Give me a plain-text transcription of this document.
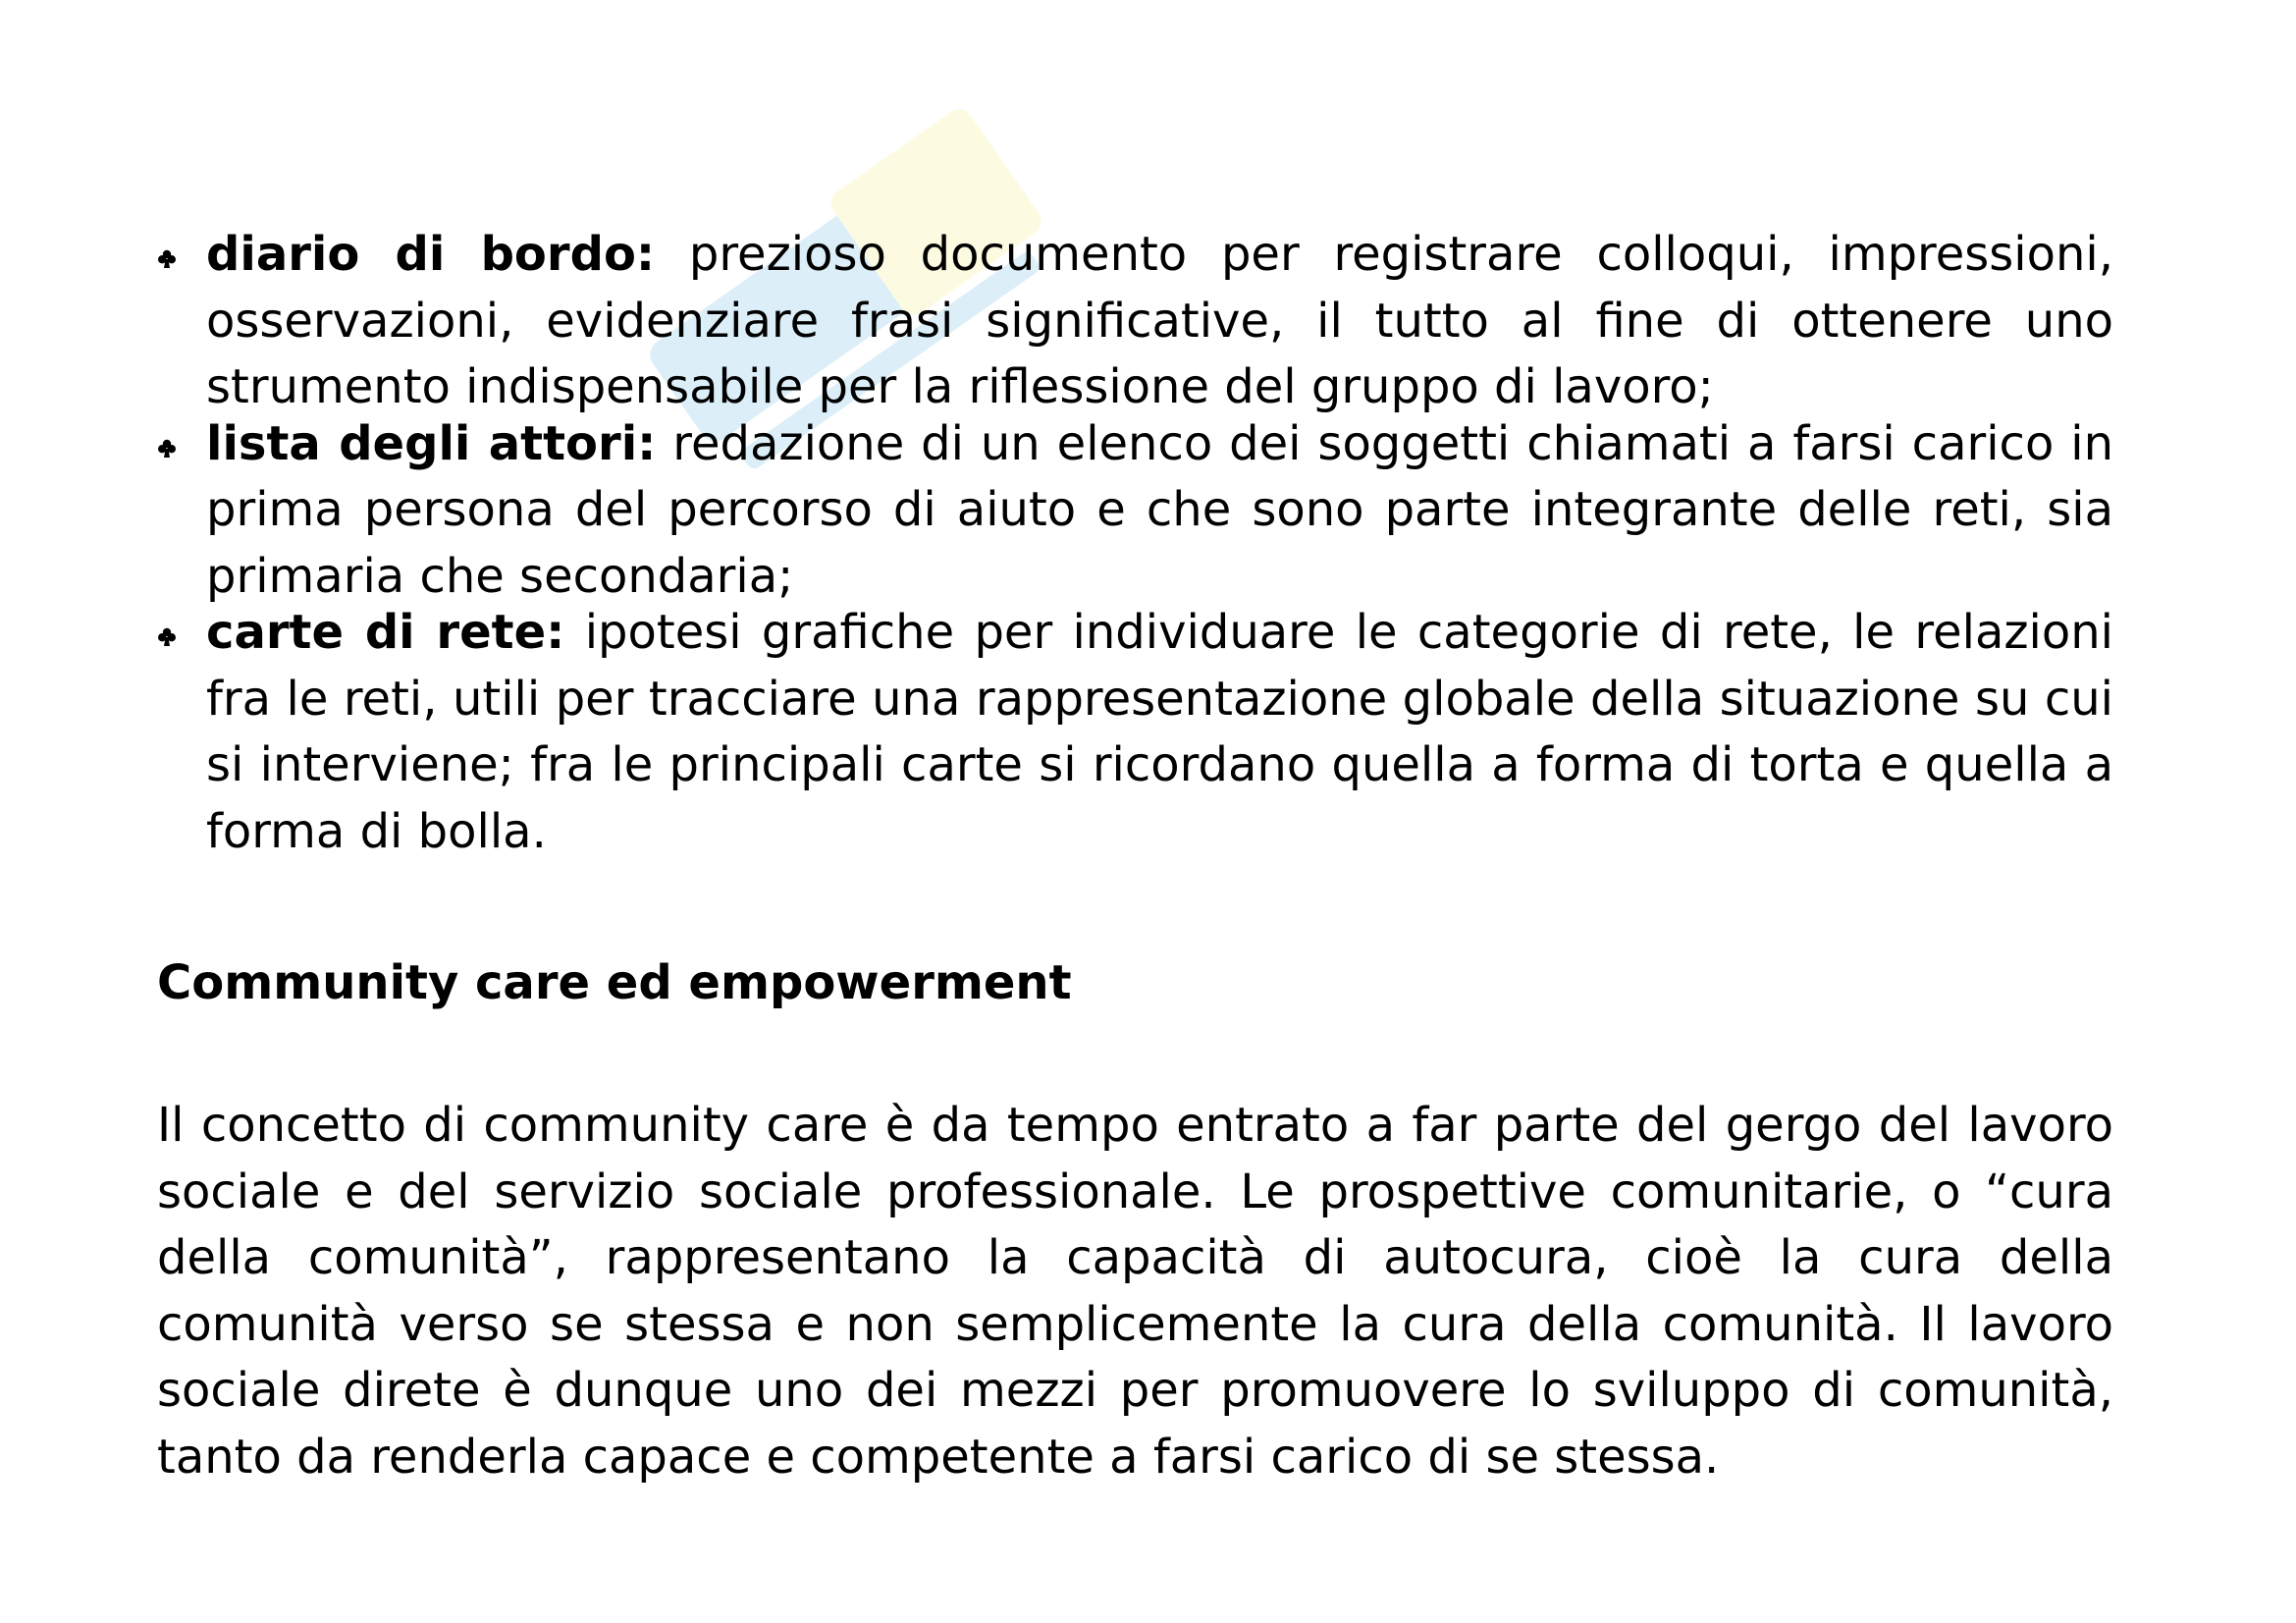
diario di bordo: prezioso documento per registrare colloqui, impressioni, osservazioni, evidenziare frasi significative, il tutto al fine di ottenere uno strumento indispensabile per la riflessione del gruppo di lavoro;
lista degli attori: redazione di un elenco dei soggetti chiamati a farsi carico in prima persona del percorso di aiuto e che sono parte integrante delle reti, sia primaria che secondaria;
carte di rete: ipotesi grafiche per individuare le categorie di rete, le relazioni fra le reti, utili per tracciare una rappresentazione globale della situazione su cui si interviene; fra le principali carte si ricordano quella a forma di torta e quella a forma di bolla.
Community care ed empowerment

Il concetto di community care è da tempo entrato a far parte del gergo del lavoro sociale e del servizio sociale professionale. Le prospettive comunitarie, o “cura della comunità”, rappresentano la capacità di autocura, cioè la cura della comunità verso se stessa e non semplicemente la cura della comunità. Il lavoro sociale direte è dunque uno dei mezzi per promuovere lo sviluppo di comunità, tanto da renderla capace e competente a farsi carico di se stessa.
